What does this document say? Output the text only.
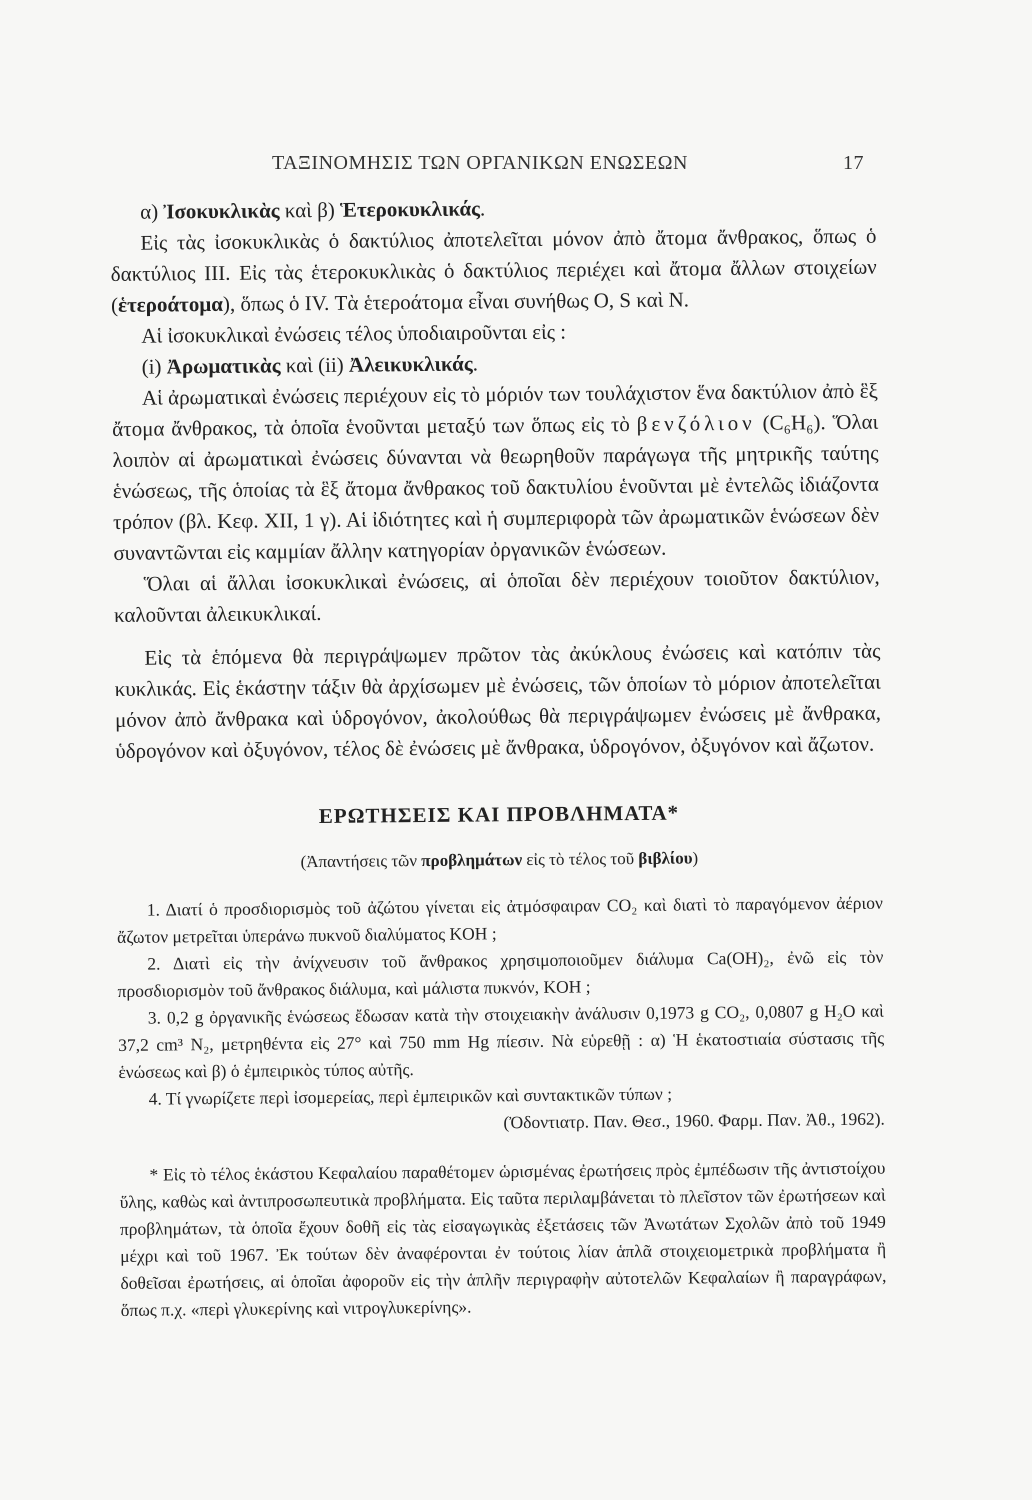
ΤΑΞΙΝΟΜΗΣΙΣ ΤΩΝ ΟΡΓΑΝΙΚΩΝ ΕΝΩΣΕΩΝ	17

α) Ἰσοκυκλικὰς καὶ β) Ἑτεροκυκλικάς.

Εἰς τὰς ἰσοκυκλικὰς ὁ δακτύλιος ἀποτελεῖται μόνον ἀπὸ ἄτομα ἄνθρακος, ὅπως ὁ δακτύλιος III. Εἰς τὰς ἑτεροκυκλικὰς ὁ δακτύλιος περιέχει καὶ ἄτομα ἄλλων στοιχείων (ἑτεροάτομα), ὅπως ὁ IV. Τὰ ἑτεροάτομα εἶναι συνήθως O, S καὶ N.

Αἱ ἰσοκυκλικαὶ ἐνώσεις τέλος ὑποδιαιροῦνται εἰς :

(i) Ἀρωματικὰς καὶ (ii) Ἀλεικυκλικάς.

Αἱ ἀρωματικαὶ ἐνώσεις περιέχουν εἰς τὸ μόριόν των τουλάχιστον ἕνα δακτύλιον ἀπὸ ἓξ ἄτομα ἄνθρακος, τὰ ὁποῖα ἑνοῦνται μεταξύ των ὅπως εἰς τὸ βενζόλιον (C₆H₆). Ὅλαι λοιπὸν αἱ ἀρωματικαὶ ἐνώσεις δύνανται νὰ θεωρηθοῦν παράγωγα τῆς μητρικῆς ταύτης ἑνώσεως, τῆς ὁποίας τὰ ἓξ ἄτομα ἄνθρακος τοῦ δακτυλίου ἑνοῦνται μὲ ἐντελῶς ἰδιάζοντα τρόπον (βλ. Κεφ. XII, 1 γ). Αἱ ἰδιότητες καὶ ἡ συμπεριφορὰ τῶν ἀρωματικῶν ἑνώσεων δὲν συναντῶνται εἰς καμμίαν ἄλλην κατηγορίαν ὀργανικῶν ἑνώσεων.

Ὅλαι αἱ ἄλλαι ἰσοκυκλικαὶ ἐνώσεις, αἱ ὁποῖαι δὲν περιέχουν τοιοῦτον δακτύλιον, καλοῦνται ἀλεικυκλικαί.

Εἰς τὰ ἑπόμενα θὰ περιγράψωμεν πρῶτον τὰς ἀκύκλους ἐνώσεις καὶ κατόπιν τὰς κυκλικάς. Εἰς ἑκάστην τάξιν θὰ ἀρχίσωμεν μὲ ἐνώσεις, τῶν ὁποίων τὸ μόριον ἀποτελεῖται μόνον ἀπὸ ἄνθρακα καὶ ὑδρογόνον, ἀκολούθως θὰ περιγράψωμεν ἐνώσεις μὲ ἄνθρακα, ὑδρογόνον καὶ ὀξυγόνον, τέλος δὲ ἐνώσεις μὲ ἄνθρακα, ὑδρογόνον, ὀξυγόνον καὶ ἄζωτον.

ΕΡΩΤΗΣΕΙΣ ΚΑΙ ΠΡΟΒΛΗΜΑΤΑ*

(Ἀπαντήσεις τῶν προβλημάτων εἰς τὸ τέλος τοῦ βιβλίου)

1. Διατί ὁ προσδιορισμὸς τοῦ ἀζώτου γίνεται εἰς ἀτμόσφαιραν CO₂ καὶ διατὶ τὸ παραγόμενον ἀέριον ἄζωτον μετρεῖται ὑπεράνω πυκνοῦ διαλύματος KOH ;

2. Διατὶ εἰς τὴν ἀνίχνευσιν τοῦ ἄνθρακος χρησιμοποιοῦμεν διάλυμα Ca(OH)₂, ἐνῶ εἰς τὸν προσδιορισμὸν τοῦ ἄνθρακος διάλυμα, καὶ μάλιστα πυκνόν, KOH ;

3. 0,2 g ὀργανικῆς ἑνώσεως ἔδωσαν κατὰ τὴν στοιχειακὴν ἀνάλυσιν 0,1973 g CO₂, 0,0807 g H₂O καὶ 37,2 cm³ N₂, μετρηθέντα εἰς 27° καὶ 750 mm Hg πίεσιν. Νὰ εὑρεθῇ : α) Ἡ ἑκατοστιαία σύστασις τῆς ἑνώσεως καὶ β) ὁ ἐμπειρικὸς τύπος αὐτῆς.

4. Τί γνωρίζετε περὶ ἰσομερείας, περὶ ἐμπειρικῶν καὶ συντακτικῶν τύπων ;

(Ὀδοντιατρ. Παν. Θεσ., 1960. Φαρμ. Παν. Ἀθ., 1962).

* Εἰς τὸ τέλος ἑκάστου Κεφαλαίου παραθέτομεν ὡρισμένας ἐρωτήσεις πρὸς ἐμπέδωσιν τῆς ἀντιστοίχου ὕλης, καθὼς καὶ ἀντιπροσωπευτικὰ προβλήματα. Εἰς ταῦτα περιλαμβάνεται τὸ πλεῖστον τῶν ἐρωτήσεων καὶ προβλημάτων, τὰ ὁποῖα ἔχουν δοθῆ εἰς τὰς εἰσαγωγικὰς ἐξετάσεις τῶν Ἀνωτάτων Σχολῶν ἀπὸ τοῦ 1949 μέχρι καὶ τοῦ 1967. Ἐκ τούτων δὲν ἀναφέρονται ἐν τούτοις λίαν ἁπλᾶ στοιχειομετρικὰ προβλήματα ἢ δοθεῖσαι ἐρωτήσεις, αἱ ὁποῖαι ἀφοροῦν εἰς τὴν ἁπλῆν περιγραφὴν αὐτοτελῶν Κεφαλαίων ἢ παραγράφων, ὅπως π.χ. «περὶ γλυκερίνης καὶ νιτρογλυκερίνης».
